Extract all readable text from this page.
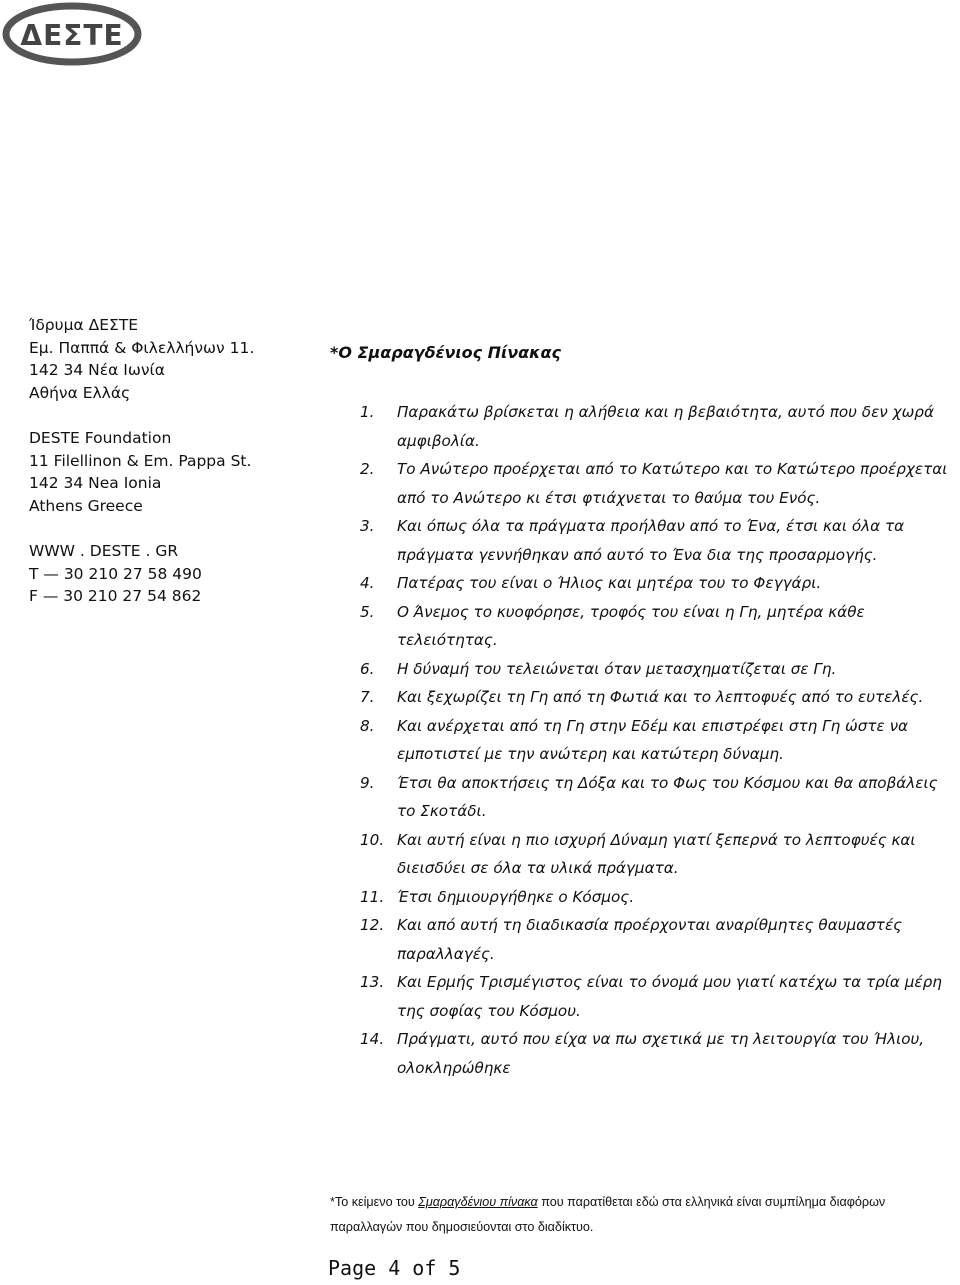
ΔΕΣΤΕ
Ίδρυμα ΔΕΣΤΕ
Εμ. Παππά & Φιλελλήνων 11.
142 34 Νέα Ιωνία
Αθήνα Ελλάς
DESTE Foundation
11 Filellinon & Em. Pappa St.
142 34 Nea Ionia
Athens Greece
WWW . DESTE . GR
T — 30 210 27 58 490
F — 30 210 27 54 862
*Ο Σμαραγδένιος Πίνακας
1. Παρακάτω βρίσκεται η αλήθεια και η βεβαιότητα, αυτό που δεν χωρά αμφιβολία.
2. Το Ανώτερο προέρχεται από το Κατώτερο και το Κατώτερο προέρχεται από το Ανώτερο κι έτσι φτιάχνεται το θαύμα του Ενός.
3. Και όπως όλα τα πράγματα προήλθαν από το Ένα, έτσι και όλα τα πράγματα γεννήθηκαν από αυτό το Ένα δια της προσαρμογής.
4. Πατέρας του είναι ο Ήλιος και μητέρα του το Φεγγάρι.
5. Ο Άνεμος το κυοφόρησε, τροφός του είναι η Γη, μητέρα κάθε τελειότητας.
6. Η δύναμή του τελειώνεται όταν μετασχηματίζεται σε Γη.
7. Και ξεχωρίζει τη Γη από τη Φωτιά και το λεπτοφυές από το ευτελές.
8. Και ανέρχεται από τη Γη στην Εδέμ και επιστρέφει στη Γη ώστε να εμποτιστεί με την ανώτερη και κατώτερη δύναμη.
9. Έτσι θα αποκτήσεις τη Δόξα και το Φως του Κόσμου και θα αποβάλεις το Σκοτάδι.
10. Και αυτή είναι η πιο ισχυρή Δύναμη γιατί ξεπερνά το λεπτοφυές και διεισδύει σε όλα τα υλικά πράγματα.
11. Έτσι δημιουργήθηκε ο Κόσμος.
12. Και από αυτή τη διαδικασία προέρχονται αναρίθμητες θαυμαστές παραλλαγές.
13. Και Ερμής Τρισμέγιστος είναι το όνομά μου γιατί κατέχω τα τρία μέρη της σοφίας του Κόσμου.
14. Πράγματι, αυτό που είχα να πω σχετικά με τη λειτουργία του Ήλιου, ολοκληρώθηκε
*Το κείμενο του Σμαραγδένιου πίνακα που παρατίθεται εδώ στα ελληνικά είναι συμπίλημα διαφόρων παραλλαγών που δημοσιεύονται στο διαδίκτυο.
Page 4 of 5
